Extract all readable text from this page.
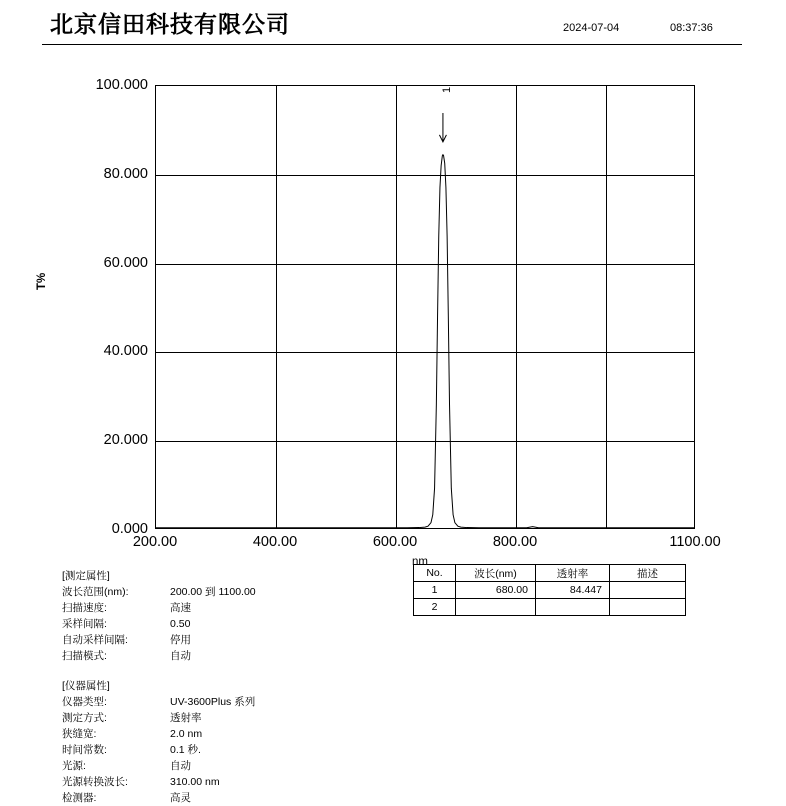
北京信田科技有限公司	2024-07-04	08:37:36
T%
nm
0.000
20.000
40.000
60.000
80.000
100.000
200.00	400.00	600.00	800.00	1100.00
1
No.	波长(nm)	透射率	描述
1	680.00	84.447	
2			
[测定属性]
波长范围(nm):	200.00 到 1100.00
扫描速度:	高速
采样间隔:	0.50
自动采样间隔:	停用
扫描模式:	自动
[仪器属性]
仪器类型:	UV-3600Plus 系列
测定方式:	透射率
狭缝宽:	2.0 nm
时间常数:	0.1 秒.
光源:	自动
光源转换波长:	310.00 nm
检测器:	高灵
